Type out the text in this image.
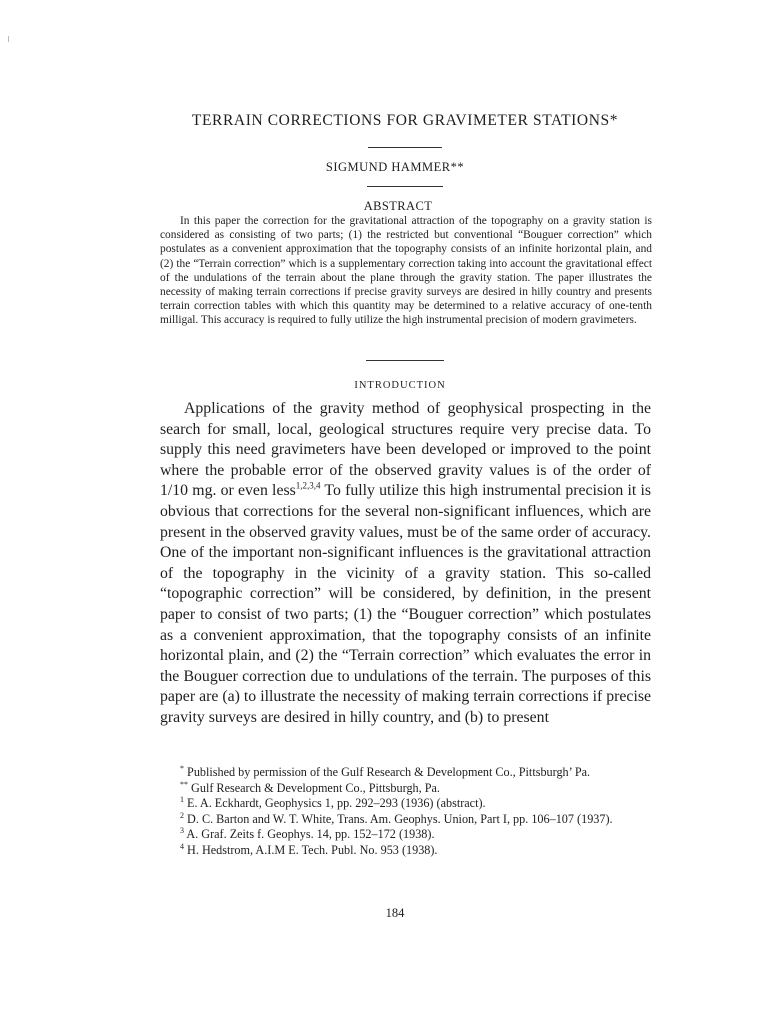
TERRAIN CORRECTIONS FOR GRAVIMETER STATIONS*
SIGMUND HAMMER**
ABSTRACT

In this paper the correction for the gravitational attraction of the topography on a gravity station is considered as consisting of two parts; (1) the restricted but conventional “Bouguer correction” which postulates as a convenient approximation that the topography consists of an infinite horizontal plain, and (2) the “Terrain correction” which is a supplementary correction taking into account the gravitational effect of the undulations of the terrain about the plane through the gravity station. The paper illustrates the necessity of making terrain corrections if precise gravity surveys are desired in hilly country and presents terrain correction tables with which this quantity may be determined to a relative accuracy of one-tenth milligal. This accuracy is required to fully utilize the high instrumental precision of modern gravimeters.

INTRODUCTION

Applications of the gravity method of geophysical prospecting in the search for small, local, geological structures require very precise data. To supply this need gravimeters have been developed or improved to the point where the probable error of the observed gravity values is of the order of 1/10 mg. or even less$^{1,2,3,4}$ To fully utilize this high instrumental precision it is obvious that corrections for the several non-significant influences, which are present in the observed gravity values, must be of the same order of accuracy. One of the important non-significant influences is the gravitational attraction of the topography in the vicinity of a gravity station. This so-called “topographic correction” will be considered, by definition, in the present paper to consist of two parts; (1) the “Bouguer correction” which postulates as a convenient approximation, that the topography consists of an infinite horizontal plain, and (2) the “Terrain correction” which evaluates the error in the Bouguer correction due to undulations of the terrain. The purposes of this paper are (a) to illustrate the necessity of making terrain corrections if precise gravity surveys are desired in hilly country, and (b) to present

* Published by permission of the Gulf Research & Development Co., Pittsburgh’ Pa.

** Gulf Research & Development Co., Pittsburgh, Pa.

$^1$ E. A. Eckhardt, Geophysics 1, pp. 292–293 (1936) (abstract).

$^2$ D. C. Barton and W. T. White, Trans. Am. Geophys. Union, Part I, pp. 106–107 (1937).

$^3$ A. Graf. Zeits f. Geophys. 14, pp. 152–172 (1938).

$^4$ H. Hedstrom, A.I.M E. Tech. Publ. No. 953 (1938).

184
